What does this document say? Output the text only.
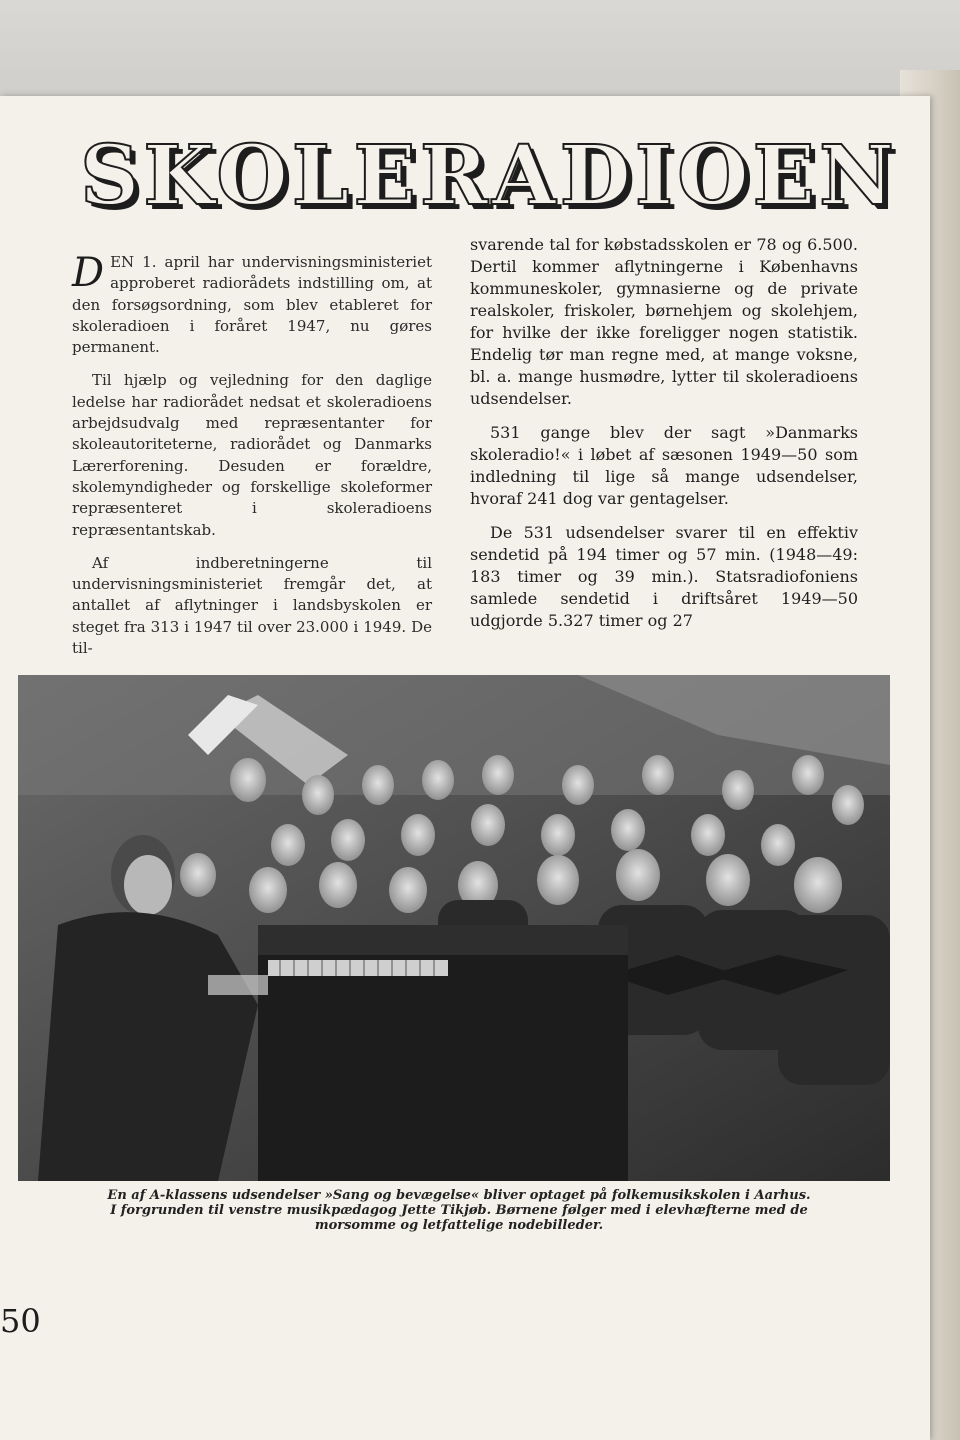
SKOLERADIOEN

DEN 1. april har undervisningsministeriet approberet radiorådets indstilling om, at den forsøgsordning, som blev etableret for skoleradioen i foråret 1947, nu gøres permanent.

Til hjælp og vejledning for den daglige ledelse har radiorådet nedsat et skoleradioens arbejdsudvalg med repræsentanter for skoleautoriteterne, radiorådet og Danmarks Lærerforening. Desuden er forældre, skolemyndigheder og forskellige skoleformer repræsenteret i skoleradioens repræsentantskab.

Af indberetningerne til undervisningsministeriet fremgår det, at antallet af aflytninger i landsbyskolen er steget fra 313 i 1947 til over 23.000 i 1949. De til-

svarende tal for købstadsskolen er 78 og 6.500. Dertil kommer aflytningerne i Københavns kommuneskoler, gymnasierne og de private realskoler, friskoler, børnehjem og skolehjem, for hvilke der ikke foreligger nogen statistik. Endelig tør man regne med, at mange voksne, bl. a. mange husmødre, lytter til skoleradioens udsendelser.

531 gange blev der sagt »Danmarks skoleradio!« i løbet af sæsonen 1949—50 som indledning til lige så mange udsendelser, hvoraf 241 dog var gentagelser.

De 531 udsendelser svarer til en effektiv sendetid på 194 timer og 57 min. (1948—49: 183 timer og 39 min.). Statsradiofoniens samlede sendetid i driftsåret 1949—50 udgjorde 5.327 timer og 27

En af A-klassens udsendelser »Sang og bevægelse« bliver optaget på folkemusikskolen i Aarhus.
I forgrunden til venstre musikpædagog Jette Tikjøb. Børnene følger med i elevhæfterne med de
morsomme og letfattelige nodebilleder.
50
